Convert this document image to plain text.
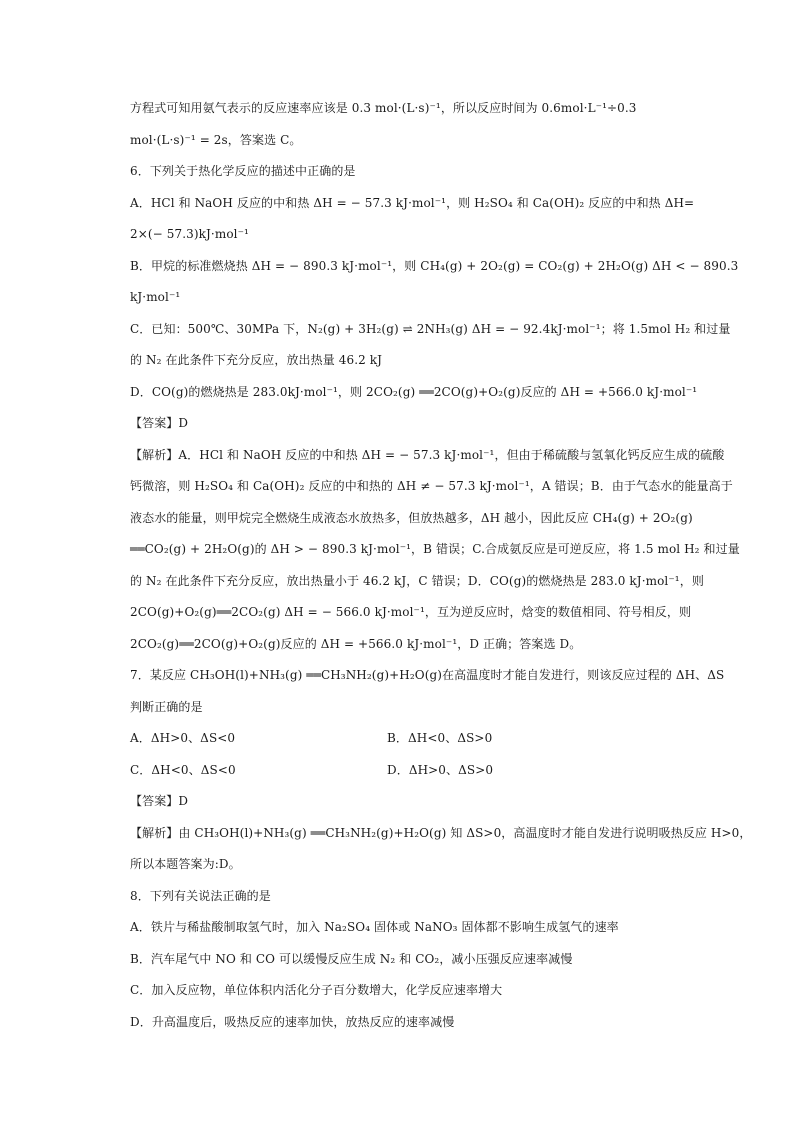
方程式可知用氨气表示的反应速率应该是 0.3 mol·(L·s)⁻¹，所以反应时间为 0.6mol·L⁻¹÷0.3
mol·(L·s)⁻¹ = 2s，答案选 C。
6．下列关于热化学反应的描述中正确的是
A．HCl 和 NaOH 反应的中和热 ΔH = − 57.3 kJ·mol⁻¹，则 H₂SO₄ 和 Ca(OH)₂ 反应的中和热 ΔH=
2×(− 57.3)kJ·mol⁻¹
B．甲烷的标准燃烧热 ΔH = − 890.3 kJ·mol⁻¹，则 CH₄(g) + 2O₂(g) = CO₂(g) + 2H₂O(g) ΔH < − 890.3
kJ·mol⁻¹
C．已知：500℃、30MPa 下，N₂(g) + 3H₂(g) ⇌ 2NH₃(g) ΔH = − 92.4kJ·mol⁻¹；将 1.5mol H₂ 和过量
的 N₂ 在此条件下充分反应，放出热量 46.2 kJ
D．CO(g)的燃烧热是 283.0kJ·mol⁻¹，则 2CO₂(g) ══2CO(g)+O₂(g)反应的 ΔH = +566.0 kJ·mol⁻¹
【答案】D
【解析】A．HCl 和 NaOH 反应的中和热 ΔH = − 57.3 kJ·mol⁻¹，但由于稀硫酸与氢氧化钙反应生成的硫酸
钙微溶，则 H₂SO₄ 和 Ca(OH)₂ 反应的中和热的 ΔH ≠ − 57.3 kJ·mol⁻¹，A 错误；B．由于气态水的能量高于
液态水的能量，则甲烷完全燃烧生成液态水放热多，但放热越多，ΔH 越小，因此反应 CH₄(g) + 2O₂(g)
══CO₂(g) + 2H₂O(g)的 ΔH > − 890.3 kJ·mol⁻¹，B 错误；C.合成氨反应是可逆反应，将 1.5 mol H₂ 和过量
的 N₂ 在此条件下充分反应，放出热量小于 46.2 kJ，C 错误；D．CO(g)的燃烧热是 283.0 kJ·mol⁻¹，则
2CO(g)+O₂(g)══2CO₂(g) ΔH = − 566.0 kJ·mol⁻¹，互为逆反应时，焓变的数值相同、符号相反，则
2CO₂(g)══2CO(g)+O₂(g)反应的 ΔH = +566.0 kJ·mol⁻¹，D 正确；答案选 D。
7．某反应 CH₃OH(l)+NH₃(g) ══CH₃NH₂(g)+H₂O(g)在高温度时才能自发进行，则该反应过程的 ΔH、ΔS
判断正确的是
A．ΔH>0、ΔS<0	B．ΔH<0、ΔS>0
C．ΔH<0、ΔS<0	D．ΔH>0、ΔS>0
【答案】D
【解析】由 CH₃OH(l)+NH₃(g) ══CH₃NH₂(g)+H₂O(g) 知 ΔS>0，高温度时才能自发进行说明吸热反应 H>0，
所以本题答案为:D。
8．下列有关说法正确的是
A．铁片与稀盐酸制取氢气时，加入 Na₂SO₄ 固体或 NaNO₃ 固体都不影响生成氢气的速率
B．汽车尾气中 NO 和 CO 可以缓慢反应生成 N₂ 和 CO₂，减小压强反应速率减慢
C．加入反应物，单位体积内活化分子百分数增大，化学反应速率增大
D．升高温度后，吸热反应的速率加快，放热反应的速率减慢
